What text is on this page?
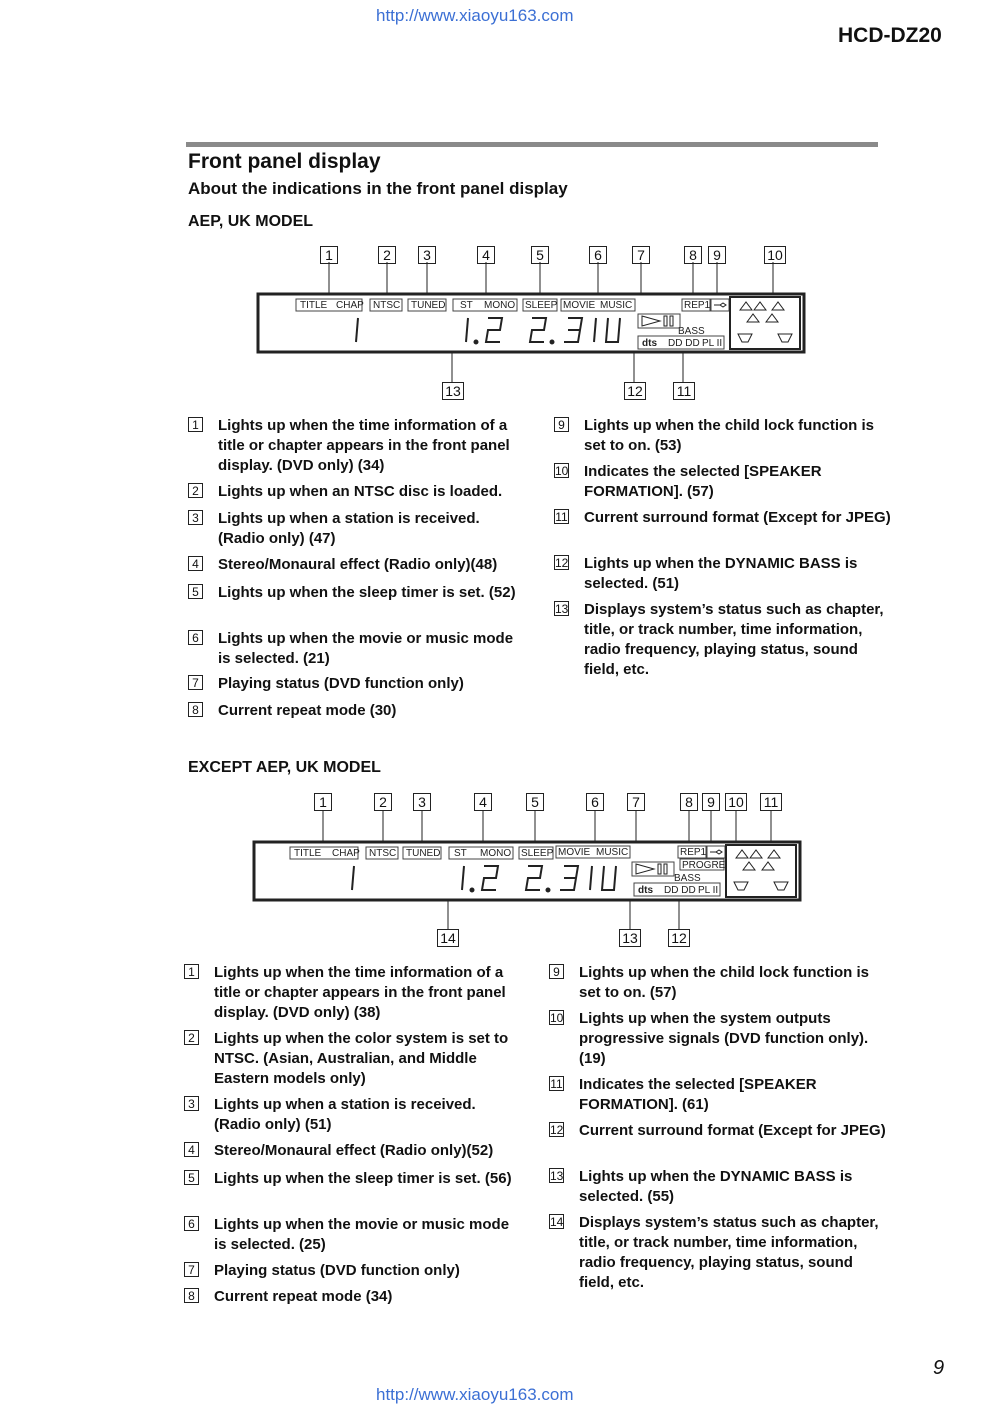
http://www.xiaoyu163.com
HCD-DZ20
Front panel display
About the indications in the front panel display
AEP, UK MODEL
1	2	3	4	5	6	7	8	9	10
13	12 11
TITLE CHAP NTSC TUNED ST MONO SLEEP MOVIE MUSIC	REP1
BASS
dts DD DD PL II
1 Lights up when the time information of a title or chapter appears in the front panel display. (DVD only) (34)
2 Lights up when an NTSC disc is loaded.
3 Lights up when a station is received. (Radio only) (47)
4 Stereo/Monaural effect (Radio only)(48)
5 Lights up when the sleep timer is set. (52)
6 Lights up when the movie or music mode is selected. (21)
7 Playing status (DVD function only)
8 Current repeat mode (30)
9 Lights up when the child lock function is set to on. (53)
10 Indicates the selected [SPEAKER FORMATION]. (57)
11 Current surround format (Except for JPEG)
12 Lights up when the DYNAMIC BASS is selected. (51)
13 Displays system’s status such as chapter, title, or track number, time information, radio frequency, playing status, sound field, etc.
EXCEPT AEP, UK MODEL
1	2	3	4	5	6	7	8	9 10 11
14	13 12
TITLE CHAP NTSC TUNED ST MONO SLEEP MOVIE MUSIC	REP1
PROGRE
BASS
dts DD DD PL II
1 Lights up when the time information of a title or chapter appears in the front panel display. (DVD only) (38)
2 Lights up when the color system is set to NTSC. (Asian, Australian, and Middle Eastern models only)
3 Lights up when a station is received. (Radio only) (51)
4 Stereo/Monaural effect (Radio only)(52)
5 Lights up when the sleep timer is set. (56)
6 Lights up when the movie or music mode is selected. (25)
7 Playing status (DVD function only)
8 Current repeat mode (34)
9 Lights up when the child lock function is set to on. (57)
10 Lights up when the system outputs progressive signals (DVD function only). (19)
11 Indicates the selected [SPEAKER FORMATION]. (61)
12 Current surround format (Except for JPEG)
13 Lights up when the DYNAMIC BASS is selected. (55)
14 Displays system’s status such as chapter, title, or track number, time information, radio frequency, playing status, sound field, etc.
9
http://www.xiaoyu163.com
